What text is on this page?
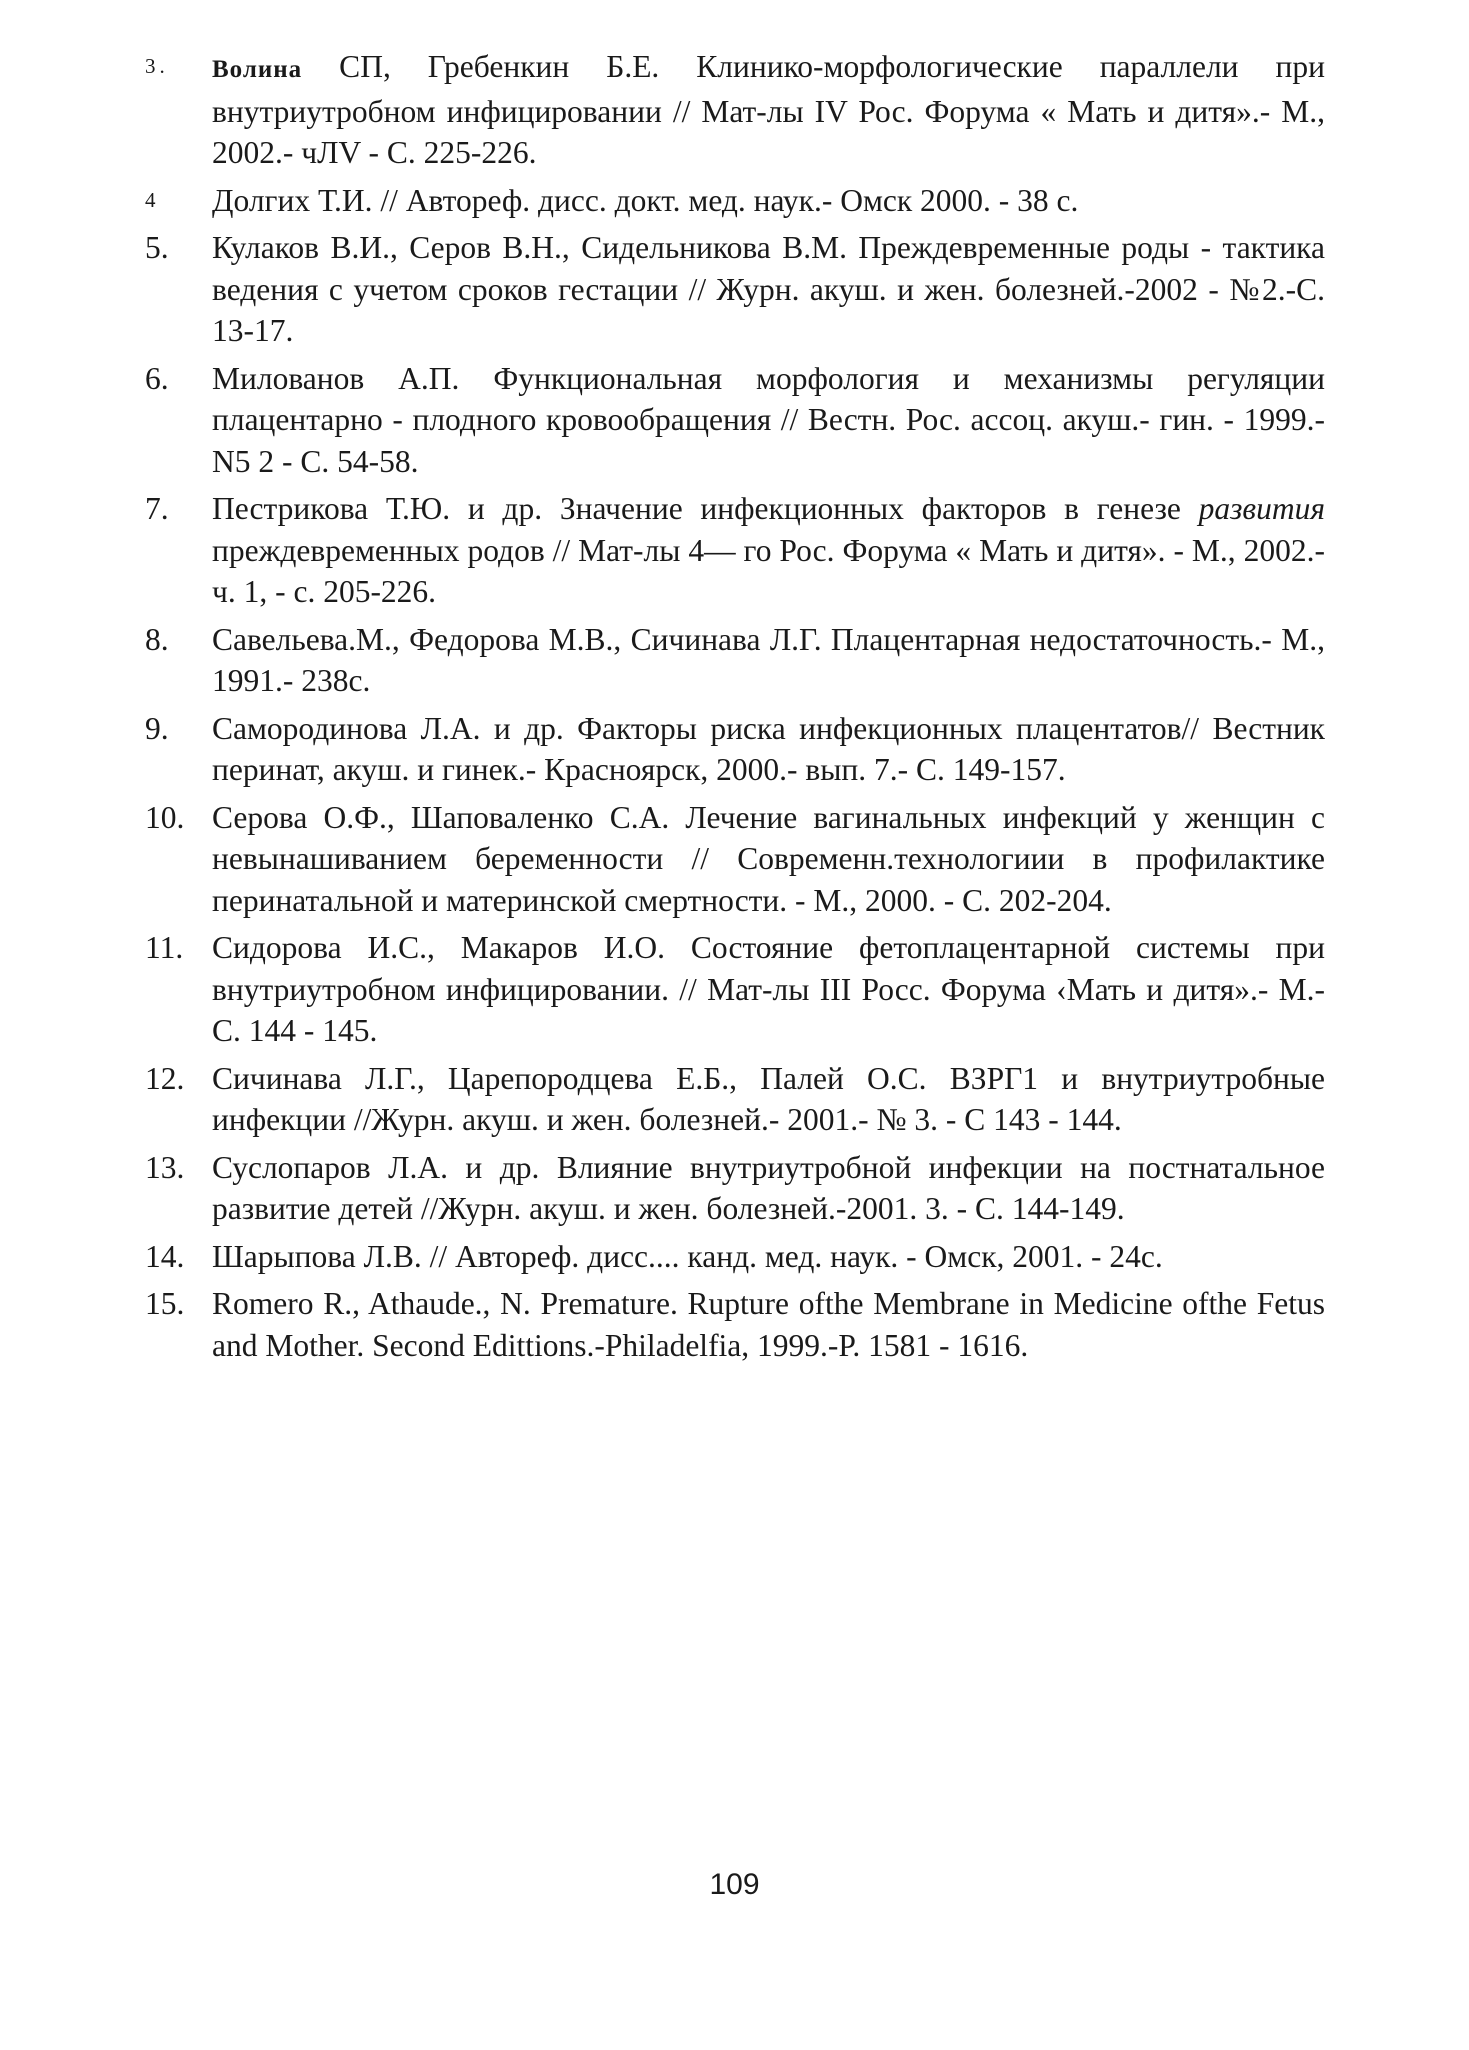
3.	Волина СП, Гребенкин Б.Е. Клинико-морфологические параллели при внутриутробном инфицировании // Мат-лы IV Рос. Форума « Мать и дитя».- М., 2002.- чЛV - С. 225-226.
4	Долгих Т.И. // Автореф. дисс. докт. мед. наук.- Омск 2000. - 38 с.
5.	Кулаков В.И., Серов В.Н., Сидельникова В.М. Преждевременные роды - тактика ведения с учетом сроков гестации // Журн. акуш. и жен. болезней.-2002 - №2.-С. 13-17.
6.	Милованов А.П. Функциональная морфология и механизмы регуляции плацентарно - плодного кровообращения // Вестн. Рос. ассоц. акуш.- гин. - 1999.- N5 2 - С. 54-58.
7.	Пестрикова Т.Ю. и др. Значение инфекционных факторов в генезе развития преждевременных родов // Мат-лы 4— го Рос. Форума « Мать и дитя». - М., 2002.-ч. 1, - с. 205-226.
8.	Савельева.М., Федорова М.В., Сичинава Л.Г. Плацентарная недостаточность.- М., 1991.- 238с.
9.	Самородинова Л.А. и др. Факторы риска инфекционных плацентатов// Вестник перинат, акуш. и гинек.- Красноярск, 2000.- вып. 7.- С. 149-157.
10. Серова О.Ф., Шаповаленко С.А. Лечение вагинальных инфекций у женщин с невынашиванием беременности // Современн.технологиии в профилактике перинатальной и материнской смертности. - М., 2000. - С. 202-204.
11. Сидорова И.С., Макаров И.О. Состояние фетоплацентарной системы при внутриутробном инфицировании. // Мат-лы III Росс. Форума ‹Мать и дитя».- М.- С. 144 - 145.
12. Сичинава Л.Г., Царепородцева Е.Б., Палей О.С. ВЗРГ1 и внутриутробные инфекции //Журн. акуш. и жен. болезней.- 2001.- № 3. - С 143 - 144.
13. Суслопаров Л.А. и др. Влияние внутриутробной инфекции на постнатальное развитие детей //Журн. акуш. и жен. болезней.-2001. 3. - С. 144-149.
14. Шарыпова Л.В. // Автореф. дисс.... канд. мед. наук. - Омск, 2001. - 24с.
15. Romero R., Athaude., N. Premature. Rupture ofthe Membrane in Medicine ofthe Fetus and Mother. Second Edittions.-Philadelfia, 1999.-P. 1581 - 1616.
109
